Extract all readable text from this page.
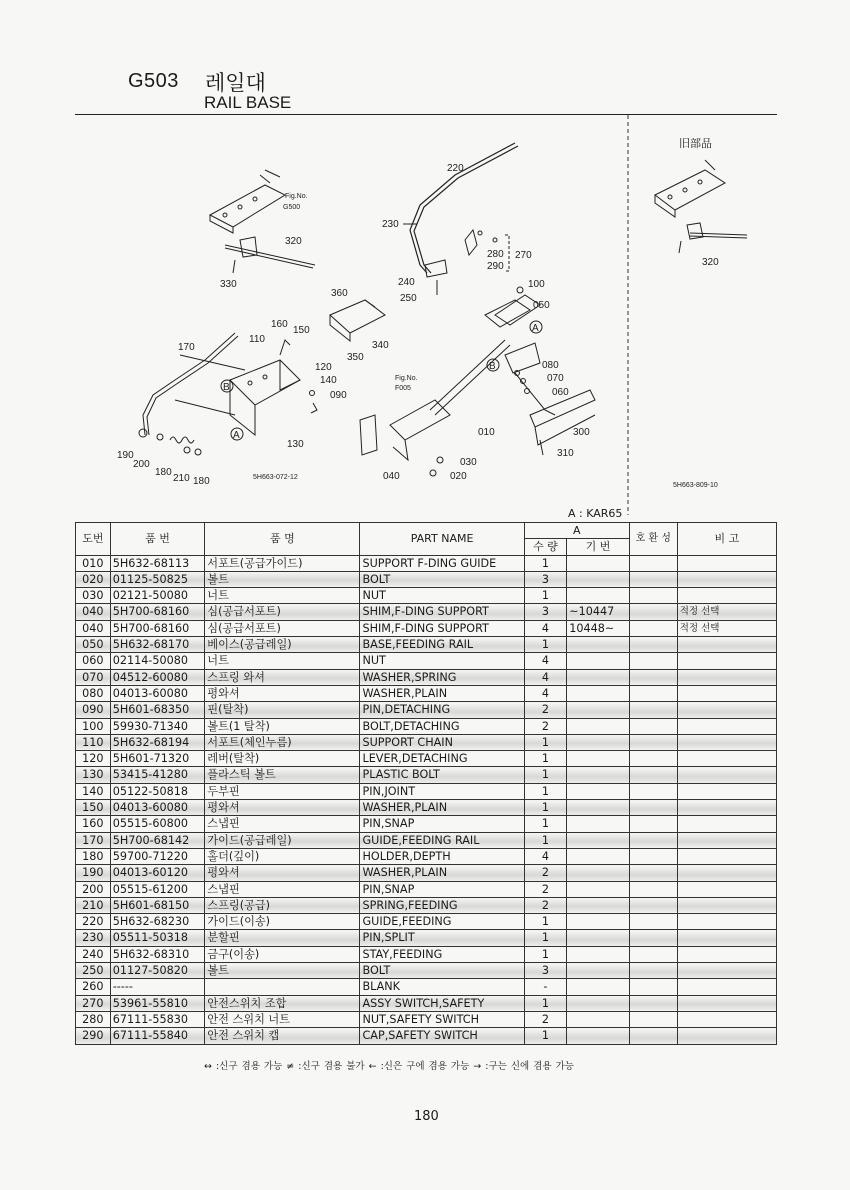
G503 레일대
RAIL BASE
Fig.No.
G500
320
330
220
230
280
290
270
240
250
360
340
350
170
110
160
150
120
140
090
130
B
A
190
200
180
210 180	5H663-072-12
Fig.No.
F005
010
030
020
040
B
A
100
050
080
070
060
300
310
320
5H663-809-10
旧部品
A : KAR65
도번	품 번	품 명	PART NAME	A		호 환 성	비 고
				수 량	기 번		
010	5H632-68113	서포트(공급가이드)	SUPPORT F-DING GUIDE	1			
020	01125-50825	볼트	BOLT	3			
030	02121-50080	너트	NUT	1			
040	5H700-68160	심(공급서포트)	SHIM,F-DING SUPPORT	3	~10447		적정 선택
040	5H700-68160	심(공급서포트)	SHIM,F-DING SUPPORT	4	10448~		적정 선택
050	5H632-68170	베이스(공급레일)	BASE,FEEDING RAIL	1			
060	02114-50080	너트	NUT	4			
070	04512-60080	스프링 와셔	WASHER,SPRING	4			
080	04013-60080	평와셔	WASHER,PLAIN	4			
090	5H601-68350	핀(탈착)	PIN,DETACHING	2			
100	59930-71340	볼트(1 탈착)	BOLT,DETACHING	2			
110	5H632-68194	서포트(체인누름)	SUPPORT CHAIN	1			
120	5H601-71320	레버(탈착)	LEVER,DETACHING	1			
130	53415-41280	플라스틱 볼트	PLASTIC BOLT	1			
140	05122-50818	두부핀	PIN,JOINT	1			
150	04013-60080	평와셔	WASHER,PLAIN	1			
160	05515-60800	스냅핀	PIN,SNAP	1			
170	5H700-68142	가이드(공급레일)	GUIDE,FEEDING RAIL	1			
180	59700-71220	홀더(깊이)	HOLDER,DEPTH	4			
190	04013-60120	평와셔	WASHER,PLAIN	2			
200	05515-61200	스냅핀	PIN,SNAP	2			
210	5H601-68150	스프링(공급)	SPRING,FEEDING	2			
220	5H632-68230	가이드(이송)	GUIDE,FEEDING	1			
230	05511-50318	분할핀	PIN,SPLIT	1			
240	5H632-68310	금구(이송)	STAY,FEEDING	1			
250	01127-50820	볼트	BOLT	3			
260	-----		BLANK	-			
270	53961-55810	안전스위치 조합	ASSY SWITCH,SAFETY	1			
280	67111-55830	안전 스위치 너트	NUT,SAFETY SWITCH	2			
290	67111-55840	안전 스위치 캡	CAP,SAFETY SWITCH	1			
↔ :신구 겸용 가능 ≠ :신구 겸용 불가 ← :신은 구에 겸용 가능 → :구는 신에 겸용 가능
180
